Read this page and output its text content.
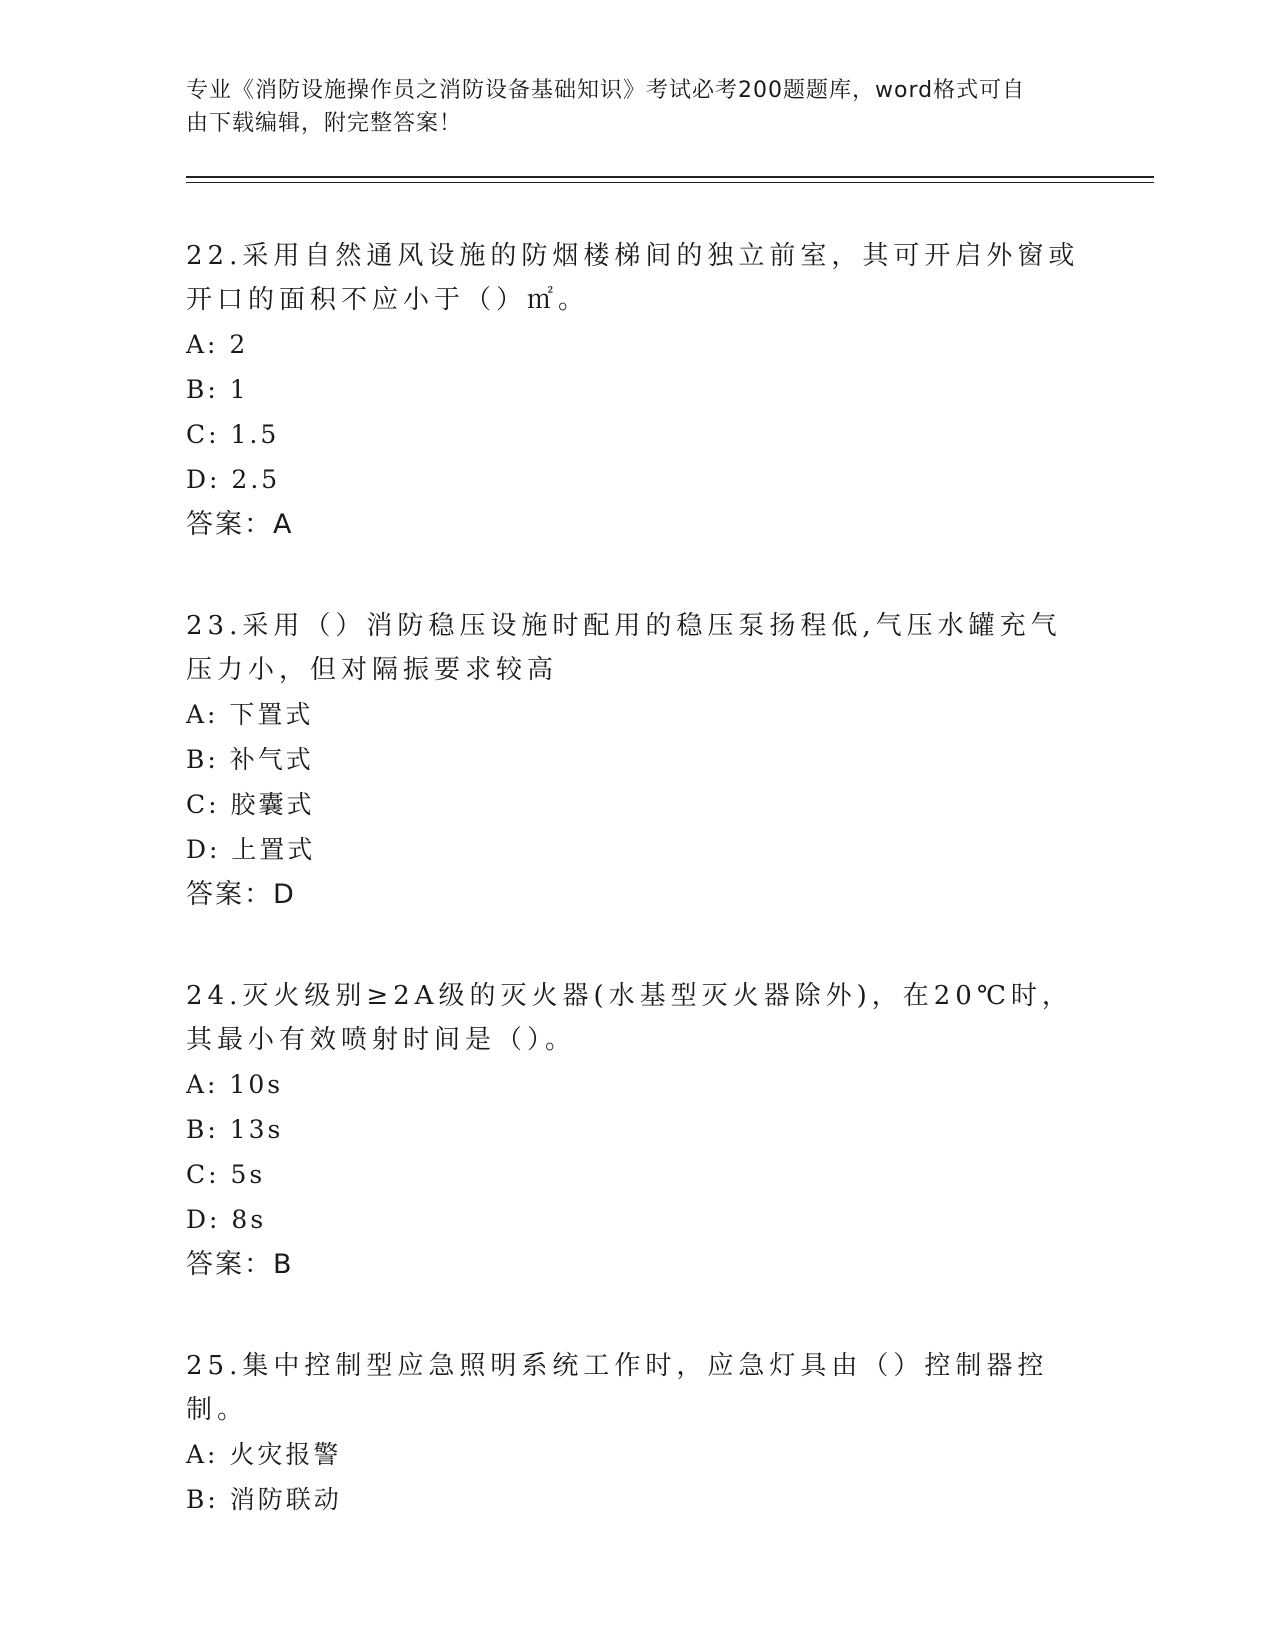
专业《消防设施操作员之消防设备基础知识》考试必考200题题库，word格式可自由下载编辑，附完整答案！

22.采用自然通风设施的防烟楼梯间的独立前室，其可开启外窗或开口的面积不应小于（）㎡。

A: 2
B: 1
C: 1.5
D: 2.5
答案：A

23.采用（）消防稳压设施时配用的稳压泵扬程低,气压水罐充气压力小，但对隔振要求较高

A: 下置式
B: 补气式
C: 胶囊式
D: 上置式
答案：D

24.灭火级别≥2A级的灭火器(水基型灭火器除外)，在20℃时，其最小有效喷射时间是（）。

A: 10s
B: 13s
C: 5s
D: 8s
答案：B

25.集中控制型应急照明系统工作时，应急灯具由（）控制器控制。

A: 火灾报警
B: 消防联动
